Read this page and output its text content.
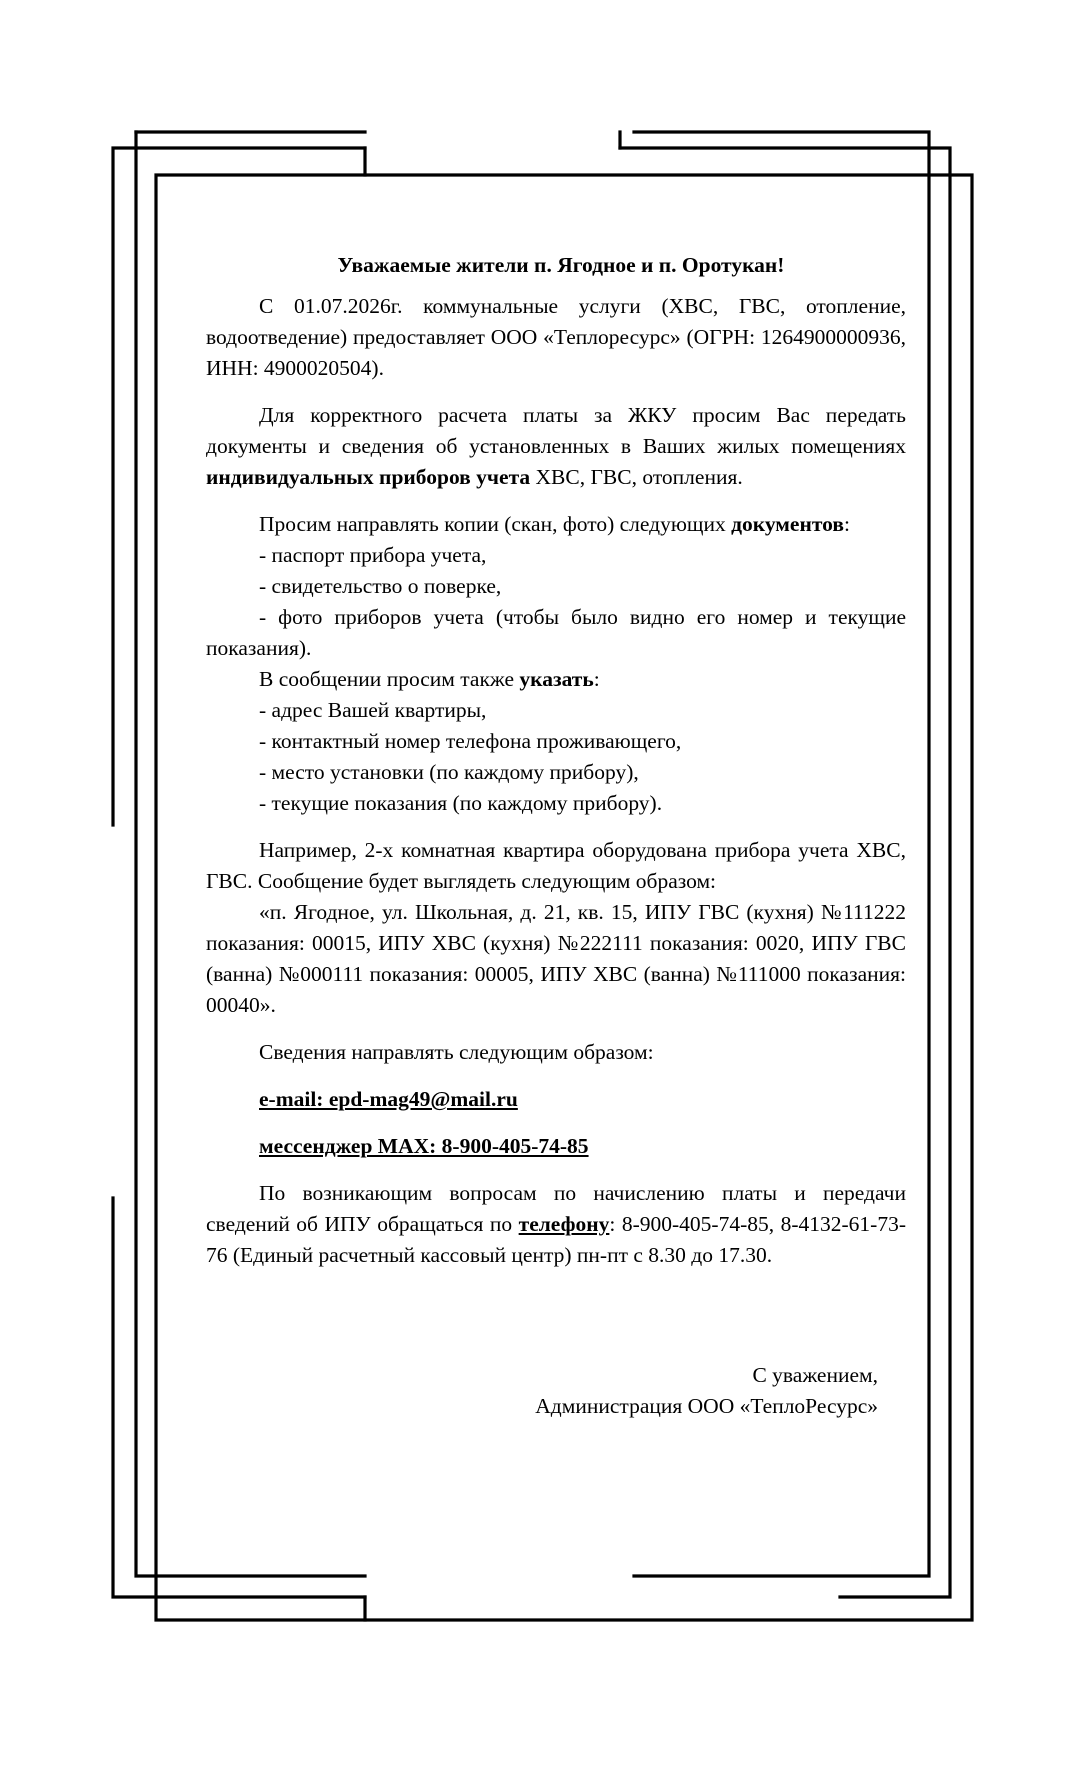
Уважаемые жители п. Ягодное и п. Оротукан!

С 01.07.2026г. коммунальные услуги (ХВС, ГВС, отопление, водоотведение) предоставляет ООО «Теплоресурс» (ОГРН: 1264900000936, ИНН: 4900020504).

Для корректного расчета платы за ЖКУ просим Вас передать документы и сведения об установленных в Ваших жилых помещениях индивидуальных приборов учета ХВС, ГВС, отопления.

Просим направлять копии (скан, фото) следующих документов:

- паспорт прибора учета,

- свидетельство о поверке,

- фото приборов учета (чтобы было видно его номер и текущие показания).

В сообщении просим также указать:

- адрес Вашей квартиры,

- контактный номер телефона проживающего,

- место установки (по каждому прибору),

- текущие показания (по каждому прибору).

Например, 2-х комнатная квартира оборудована прибора учета ХВС, ГВС. Сообщение будет выглядеть следующим образом:

«п. Ягодное, ул. Школьная, д. 21, кв. 15, ИПУ ГВС (кухня) №111222 показания: 00015, ИПУ ХВС (кухня) №222111 показания: 0020, ИПУ ГВС (ванна) №000111 показания: 00005, ИПУ ХВС (ванна) №111000 показания: 00040».

Сведения направлять следующим образом:

e-mail: epd-mag49@mail.ru

мессенджер МАХ: 8-900-405-74-85

По возникающим вопросам по начислению платы и передачи сведений об ИПУ обращаться по телефону: 8-900-405-74-85, 8-4132-61-73-76 (Единый расчетный кассовый центр) пн-пт с 8.30 до 17.30.

С уважением,
Администрация ООО «ТеплоРесурс»
